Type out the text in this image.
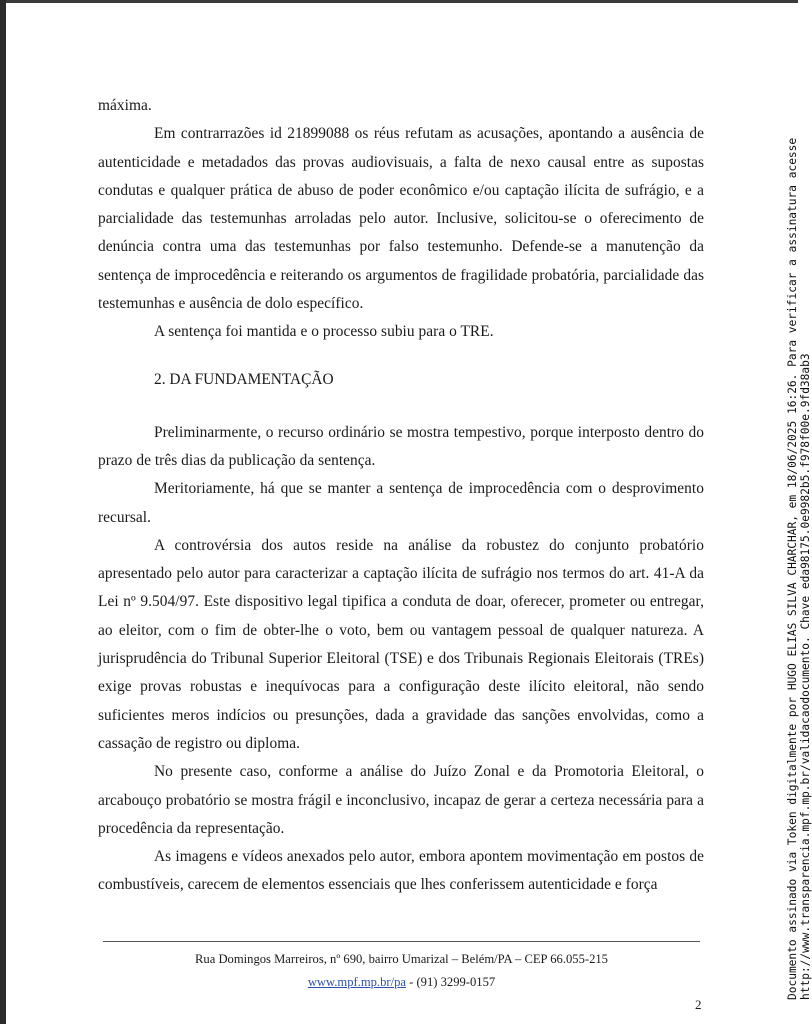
máxima.

Em contrarrazões id 21899088 os réus refutam as acusações, apontando a ausência de autenticidade e metadados das provas audiovisuais, a falta de nexo causal entre as supostas condutas e qualquer prática de abuso de poder econômico e/ou captação ilícita de sufrágio, e a parcialidade das testemunhas arroladas pelo autor. Inclusive, solicitou-se o oferecimento de denúncia contra uma das testemunhas por falso testemunho. Defende-se a manutenção da sentença de improcedência e reiterando os argumentos de fragilidade probatória, parcialidade das testemunhas e ausência de dolo específico.

A sentença foi mantida e o processo subiu para o TRE.

2. DA FUNDAMENTAÇÃO

Preliminarmente, o recurso ordinário se mostra tempestivo, porque interposto dentro do prazo de três dias da publicação da sentença.

Meritoriamente, há que se manter a sentença de improcedência com o desprovimento recursal.

A controvérsia dos autos reside na análise da robustez do conjunto probatório apresentado pelo autor para caracterizar a captação ilícita de sufrágio nos termos do art. 41-A da Lei nº 9.504/97. Este dispositivo legal tipifica a conduta de doar, oferecer, prometer ou entregar, ao eleitor, com o fim de obter-lhe o voto, bem ou vantagem pessoal de qualquer natureza. A jurisprudência do Tribunal Superior Eleitoral (TSE) e dos Tribunais Regionais Eleitorais (TREs) exige provas robustas e inequívocas para a configuração deste ilícito eleitoral, não sendo suficientes meros indícios ou presunções, dada a gravidade das sanções envolvidas, como a cassação de registro ou diploma.

No presente caso, conforme a análise do Juízo Zonal e da Promotoria Eleitoral, o arcabouço probatório se mostra frágil e inconclusivo, incapaz de gerar a certeza necessária para a procedência da representação.

As imagens e vídeos anexados pelo autor, embora apontem movimentação em postos de combustíveis, carecem de elementos essenciais que lhes conferissem autenticidade e força

Rua Domingos Marreiros, nº 690, bairro Umarizal – Belém/PA – CEP 66.055-215
www.mpf.mp.br/pa - (91) 3299-0157
2
Documento assinado via Token digitalmente por HUGO ELIAS SILVA CHARCHAR, em 18/06/2025 16:26. Para verificar a assinatura acesse http://www.transparencia.mpf.mp.br/validacaodocumento. Chave eda98175.0e9982b5.f978f00e.9fd38ab3
